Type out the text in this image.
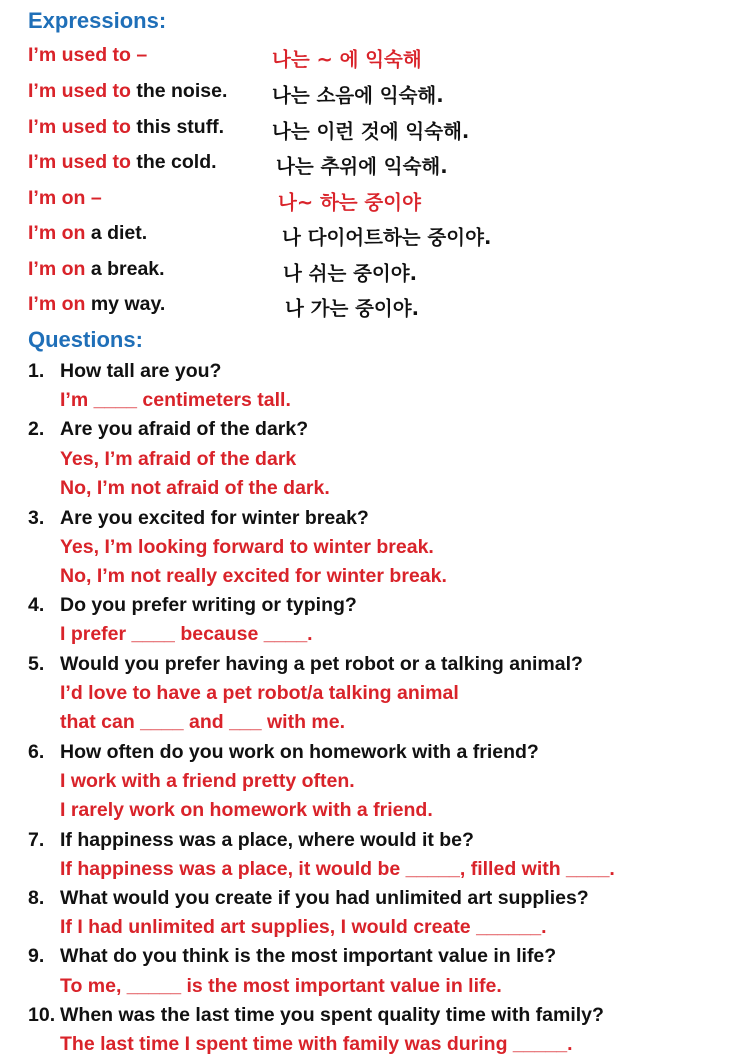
Expressions:
I’m used to –	나는 ~ 에 익숙해
I’m used to the noise. 나는 소음에 익숙해.
I’m used to this stuff. 나는 이런 것에 익숙해.
I’m used to the cold.	나는 추위에 익숙해.
I’m on –	나~ 하는 중이야
I’m on a diet.	나 다이어트하는 중이야.
I’m on a break.	나 쉬는 중이야.
I’m on my way.	나 가는 중이야.
Questions:
1. How tall are you?
I’m ____ centimeters tall.
2. Are you afraid of the dark?
Yes, I’m afraid of the dark
No, I’m not afraid of the dark.
3. Are you excited for winter break?
Yes, I’m looking forward to winter break.
No, I’m not really excited for winter break.
4. Do you prefer writing or typing?
I prefer ____ because ____.
5. Would you prefer having a pet robot or a talking animal?
I’d love to have a pet robot/a talking animal
that can ____ and ___ with me.
6. How often do you work on homework with a friend?
I work with a friend pretty often.
I rarely work on homework with a friend.
7. If happiness was a place, where would it be?
If happiness was a place, it would be _____, filled with ____.
8. What would you create if you had unlimited art supplies?
If I had unlimited art supplies, I would create ______.
9. What do you think is the most important value in life?
To me, _____ is the most important value in life.
10. When was the last time you spent quality time with family?
The last time I spent time with family was during _____.
